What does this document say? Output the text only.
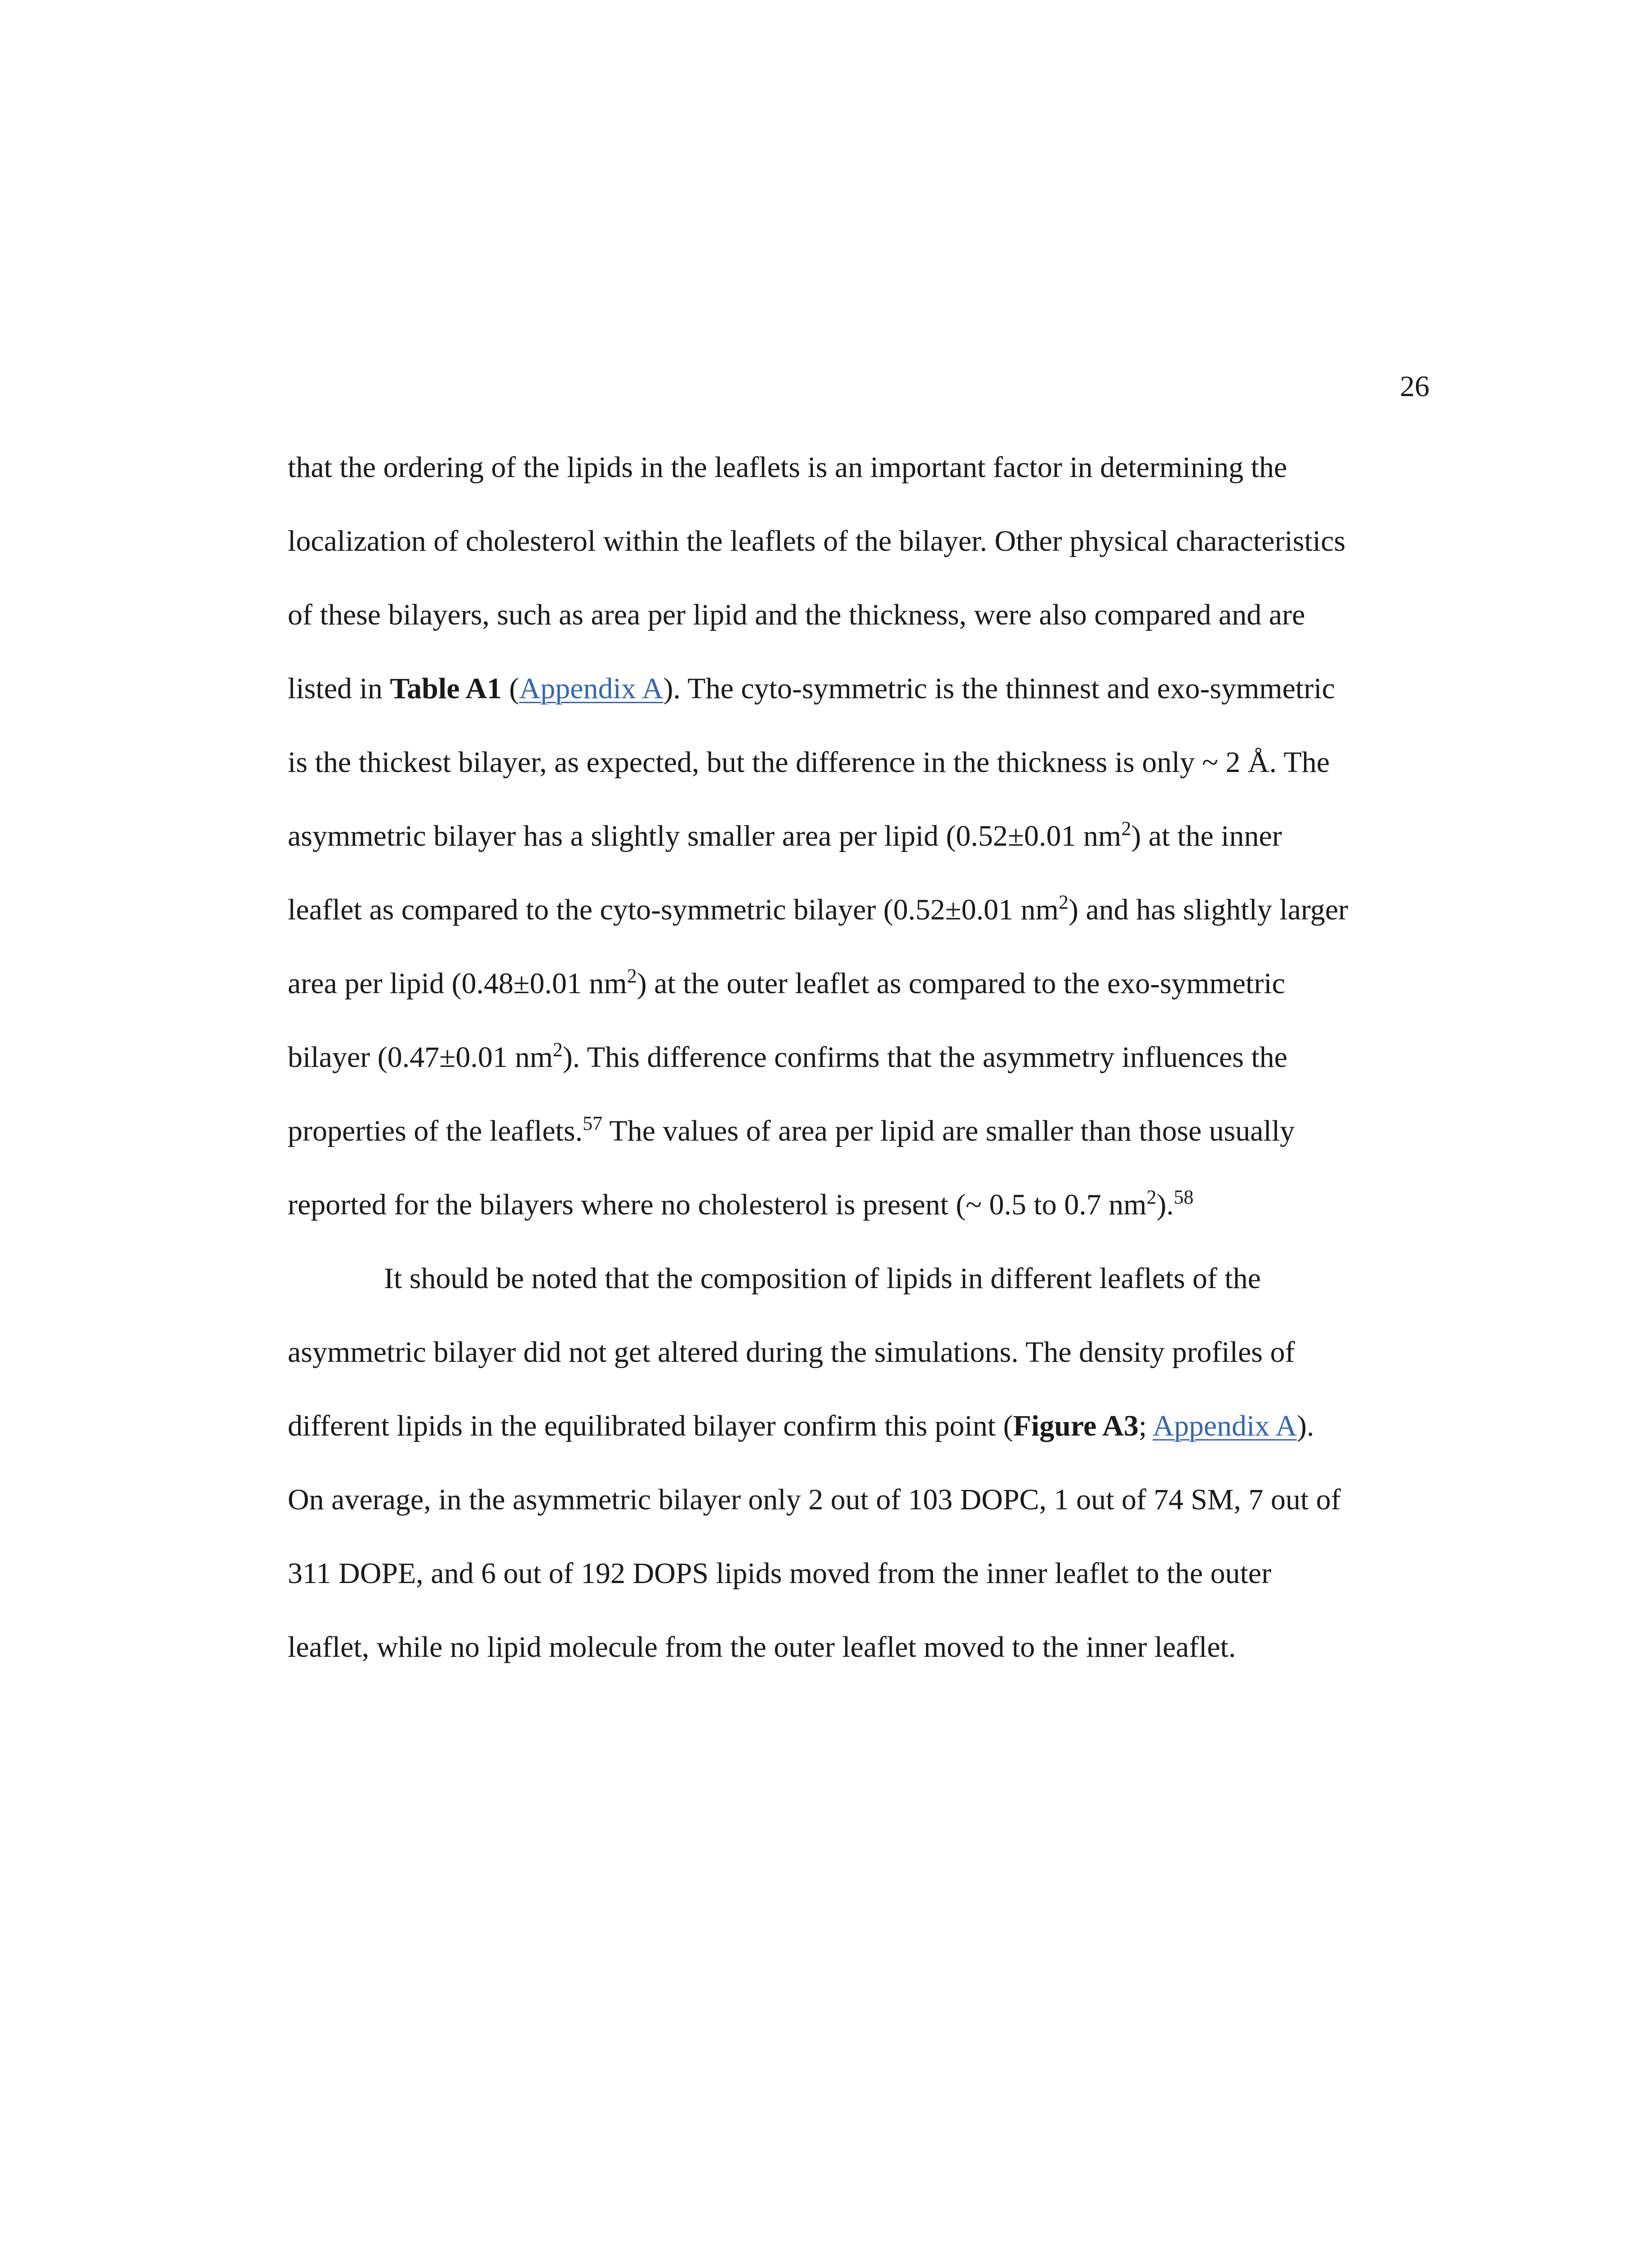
26
that the ordering of the lipids in the leaflets is an important factor in determining the
localization of cholesterol within the leaflets of the bilayer. Other physical characteristics
of these bilayers, such as area per lipid and the thickness, were also compared and are
listed in Table A1 (Appendix A). The cyto-symmetric is the thinnest and exo-symmetric
is the thickest bilayer, as expected, but the difference in the thickness is only ~ 2 Å. The
asymmetric bilayer has a slightly smaller area per lipid (0.52±0.01 $nm^2$) at the inner
leaflet as compared to the cyto-symmetric bilayer (0.52±0.01 $nm^2$) and has slightly larger
area per lipid (0.48±0.01 $nm^2$) at the outer leaflet as compared to the exo-symmetric
bilayer (0.47±0.01 $nm^2$). This difference confirms that the asymmetry influences the
properties of the leaflets.$^{57}$ The values of area per lipid are smaller than those usually
reported for the bilayers where no cholesterol is present (~ 0.5 to 0.7 $nm^2).^{58}$
It should be noted that the composition of lipids in different leaflets of the
asymmetric bilayer did not get altered during the simulations. The density profiles of
different lipids in the equilibrated bilayer confirm this point (Figure A3; Appendix A).
On average, in the asymmetric bilayer only 2 out of 103 DOPC, 1 out of 74 SM, 7 out of
311 DOPE, and 6 out of 192 DOPS lipids moved from the inner leaflet to the outer
leaflet, while no lipid molecule from the outer leaflet moved to the inner leaflet.
